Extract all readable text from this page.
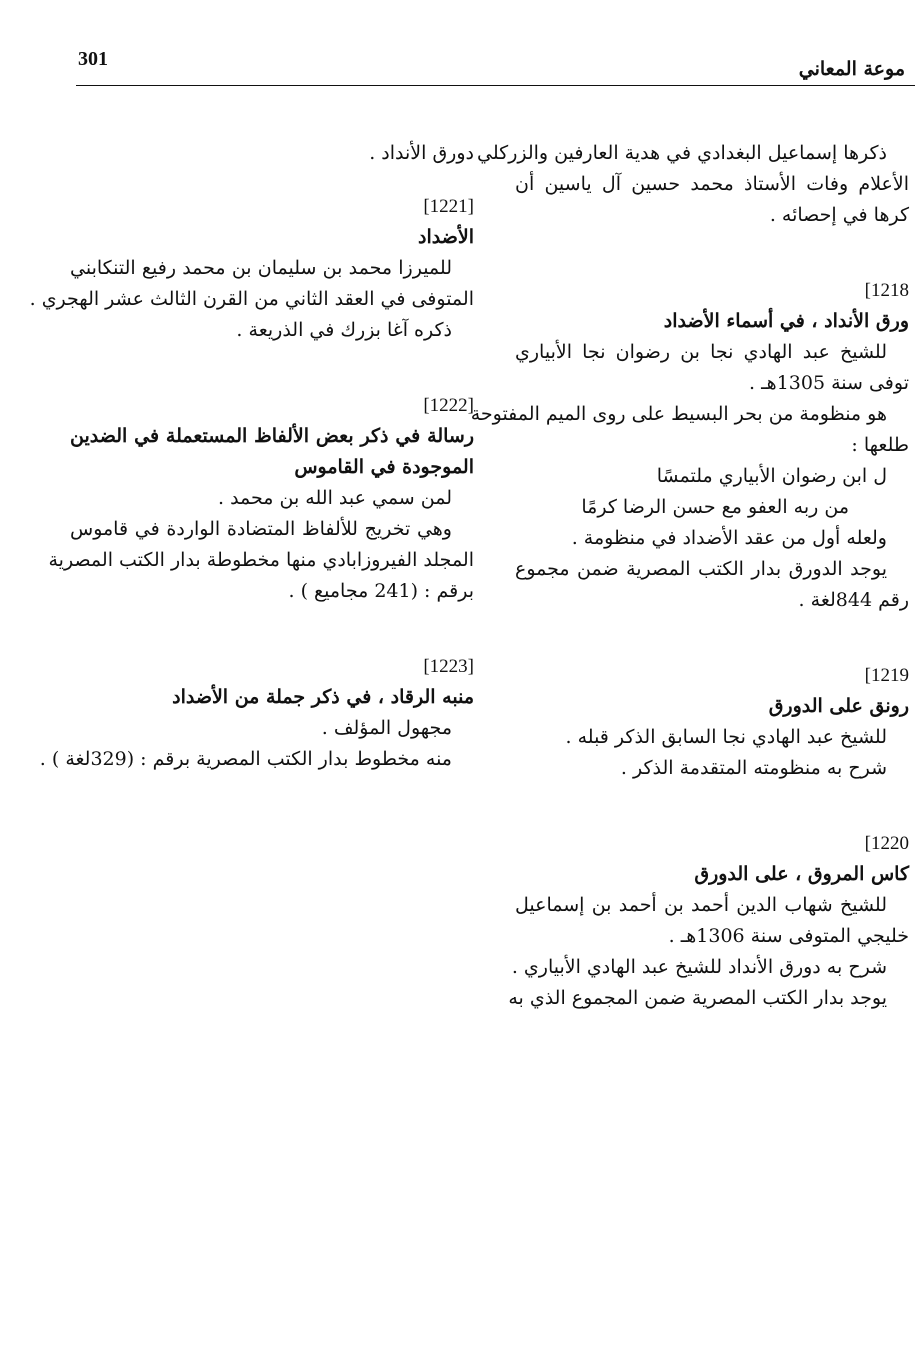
301	موعة المعاني
ذكرها إسماعيل البغدادي في هدية العارفين والزركلي
الأعلام وفات الأستاذ محمد حسين آل ياسين أن
كرها في إحصائه .
[1218
ورق الأنداد ، في أسماء الأضداد
للشيخ عبد الهادي نجا بن رضوان نجا الأبياري
توفى سنة 1305هـ .
هو منظومة من بحر البسيط على روى الميم المفتوحة
طلعها :
ل ابن رضوان الأبياري ملتمسًا
من ربه العفو مع حسن الرضا كرمًا
ولعله أول من عقد الأضداد في منظومة .
يوجد الدورق بدار الكتب المصرية ضمن مجموع
رقم 844لغة .
[1219
رونق على الدورق
للشيخ عبد الهادي نجا السابق الذكر قبله .
شرح به منظومته المتقدمة الذكر .
[1220
كاس المروق ، على الدورق
للشيخ شهاب الدين أحمد بن أحمد بن إسماعيل
خليجي المتوفى سنة 1306هـ .
شرح به دورق الأنداد للشيخ عبد الهادي الأبياري .
يوجد بدار الكتب المصرية ضمن المجموع الذي به
دورق الأنداد .
[1221]
الأضداد
للميرزا محمد بن سليمان بن محمد رفيع التنكابني
المتوفى في العقد الثاني من القرن الثالث عشر الهجري .
ذكره آغا بزرك في الذريعة .
[1222]
رسالة في ذكر بعض الألفاظ المستعملة في الضدين
الموجودة في القاموس
لمن سمي عبد الله بن محمد .
وهي تخريج للألفاظ المتضادة الواردة في قاموس
المجلد الفيروزابادي منها مخطوطة بدار الكتب المصرية
برقم : (241 مجاميع ) .
[1223]
منبه الرقاد ، في ذكر جملة من الأضداد
مجهول المؤلف .
منه مخطوط بدار الكتب المصرية برقم : (329لغة ) .
